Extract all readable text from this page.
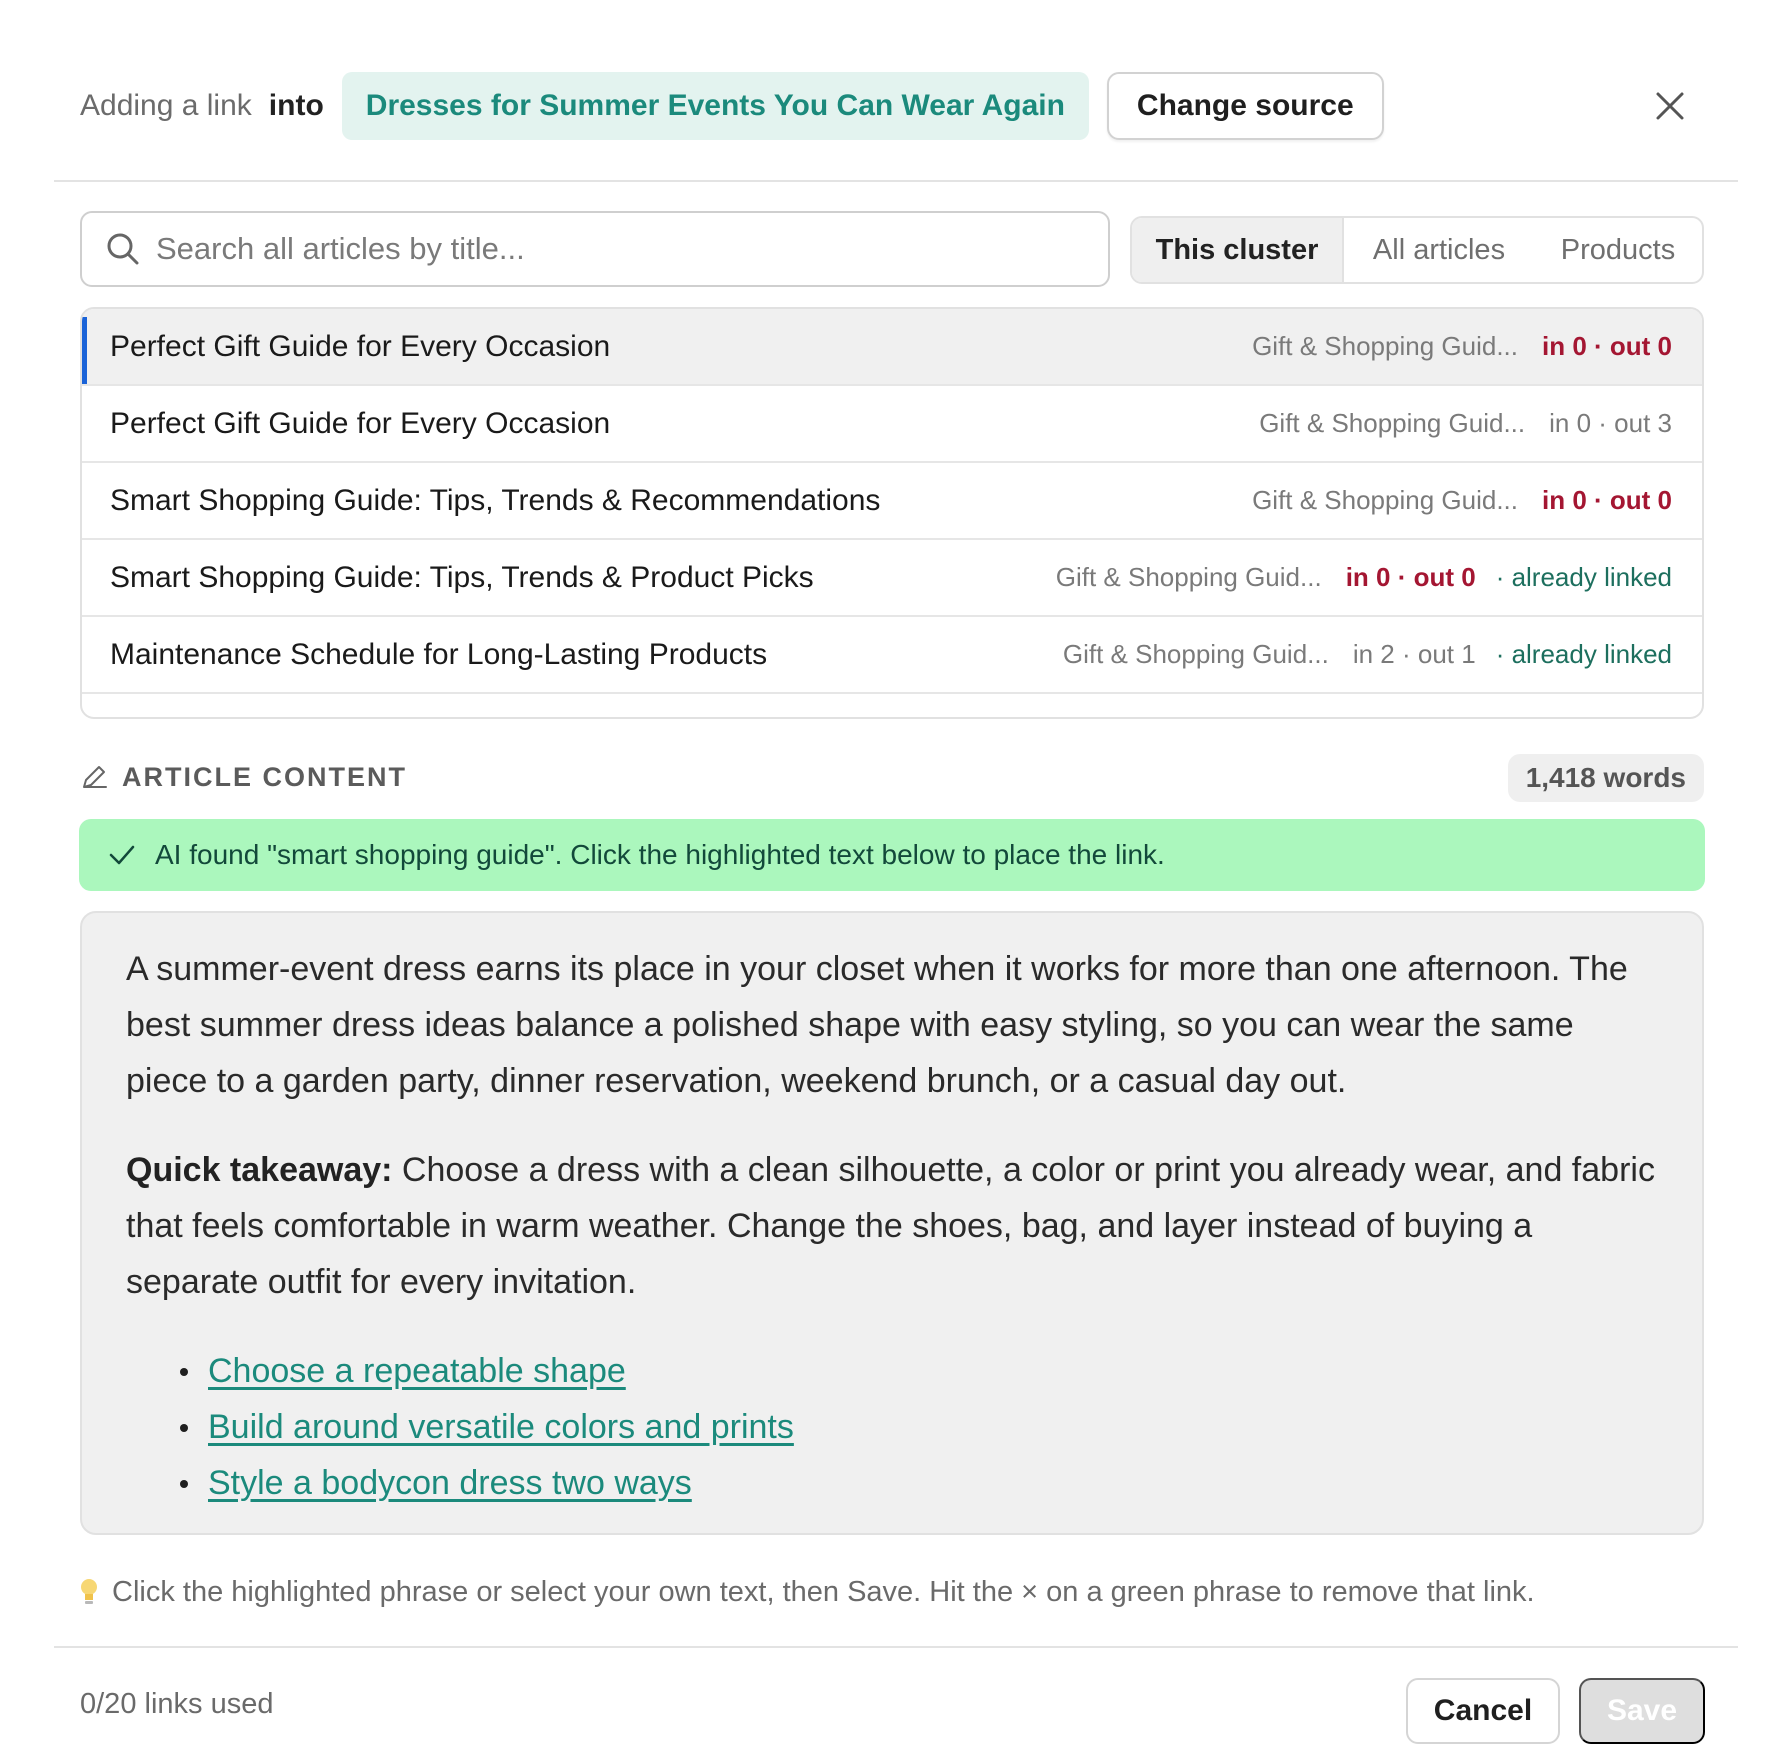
Adding a link into	Dresses for Summer Events You Can Wear Again	Change source
Search all articles by title...
This cluster	All articles	Products
Perfect Gift Guide for Every Occasion	Gift & Shopping Guid... in 0 · out 0
Perfect Gift Guide for Every Occasion	Gift & Shopping Guid... in 0 · out 3
Smart Shopping Guide: Tips, Trends & Recommendations	Gift & Shopping Guid... in 0 · out 0
Smart Shopping Guide: Tips, Trends & Product Picks	Gift & Shopping Guid... in 0 · out 0 · already linked
Maintenance Schedule for Long-Lasting Products	Gift & Shopping Guid... in 2 · out 1 · already linked
ARTICLE CONTENT	1,418 words
AI found "smart shopping guide". Click the highlighted text below to place the link.

A summer-event dress earns its place in your closet when it works for more than one afternoon. The best summer dress ideas balance a polished shape with easy styling, so you can wear the same piece to a garden party, dinner reservation, weekend brunch, or a casual day out.

Quick takeaway: Choose a dress with a clean silhouette, a color or print you already wear, and fabric that feels comfortable in warm weather. Change the shoes, bag, and layer instead of buying a separate outfit for every invitation.

Choose a repeatable shape
Build around versatile colors and prints
Style a bodycon dress two ways
Click the highlighted phrase or select your own text, then Save. Hit the × on a green phrase to remove that link.
0/20 links used	Cancel	Save
